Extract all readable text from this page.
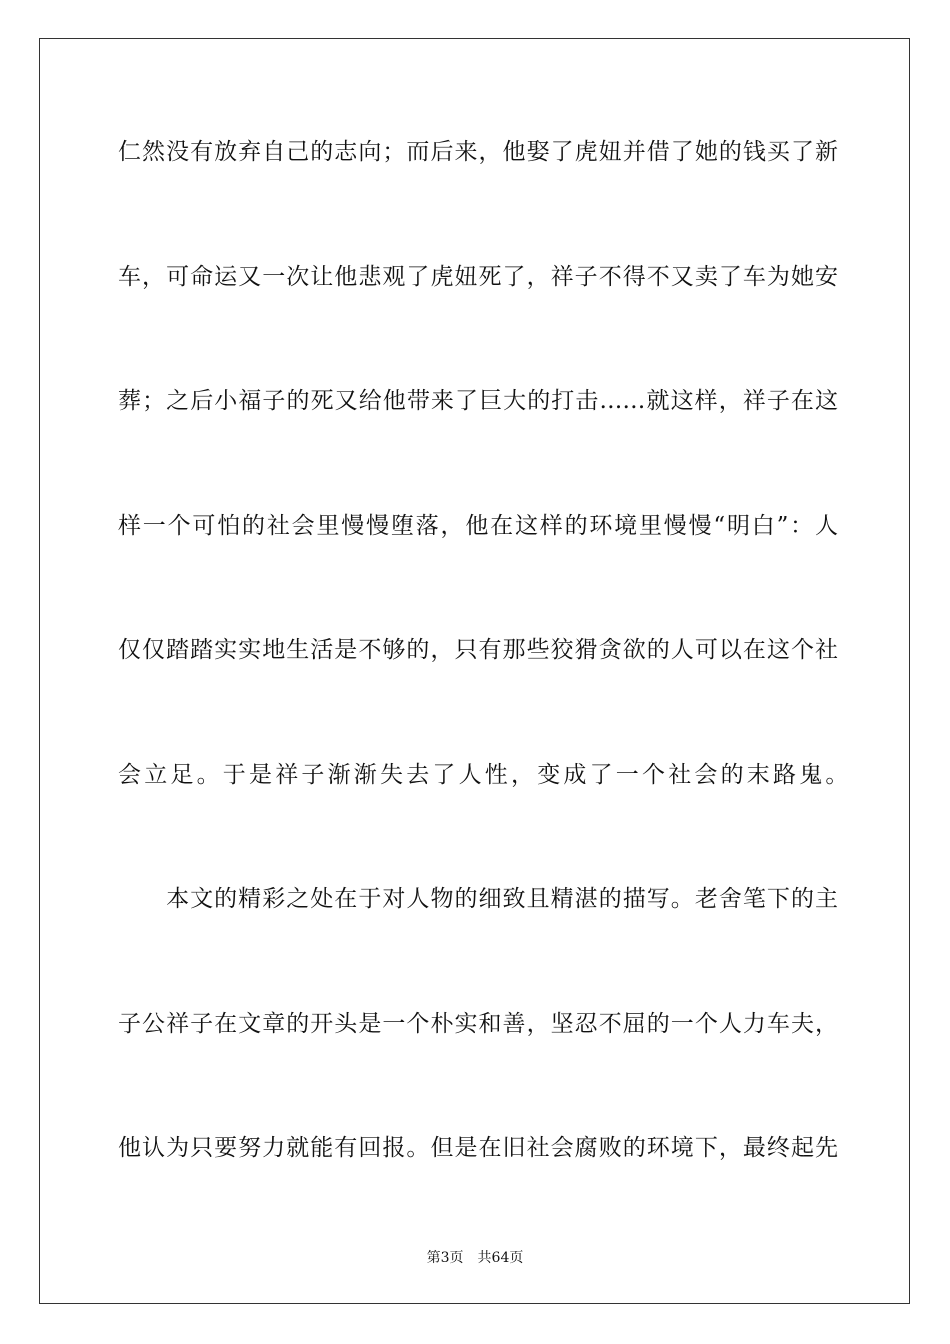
仁然没有放弃自己的志向；而后来，他娶了虎妞并借了她的钱买了新
车，可命运又一次让他悲观了虎妞死了，祥子不得不又卖了车为她安
葬；之后小福子的死又给他带来了巨大的打击……就这样，祥子在这
样一个可怕的社会里慢慢堕落，他在这样的环境里慢慢“明白”：人
仅仅踏踏实实地生活是不够的，只有那些狡猾贪欲的人可以在这个社
会立足。于是祥子渐渐失去了人性，变成了一个社会的末路鬼。
　　本文的精彩之处在于对人物的细致且精湛的描写。老舍笔下的主
子公祥子在文章的开头是一个朴实和善，坚忍不屈的一个人力车夫，
他认为只要努力就能有回报。但是在旧社会腐败的环境下，最终起先
第3页 共64页
